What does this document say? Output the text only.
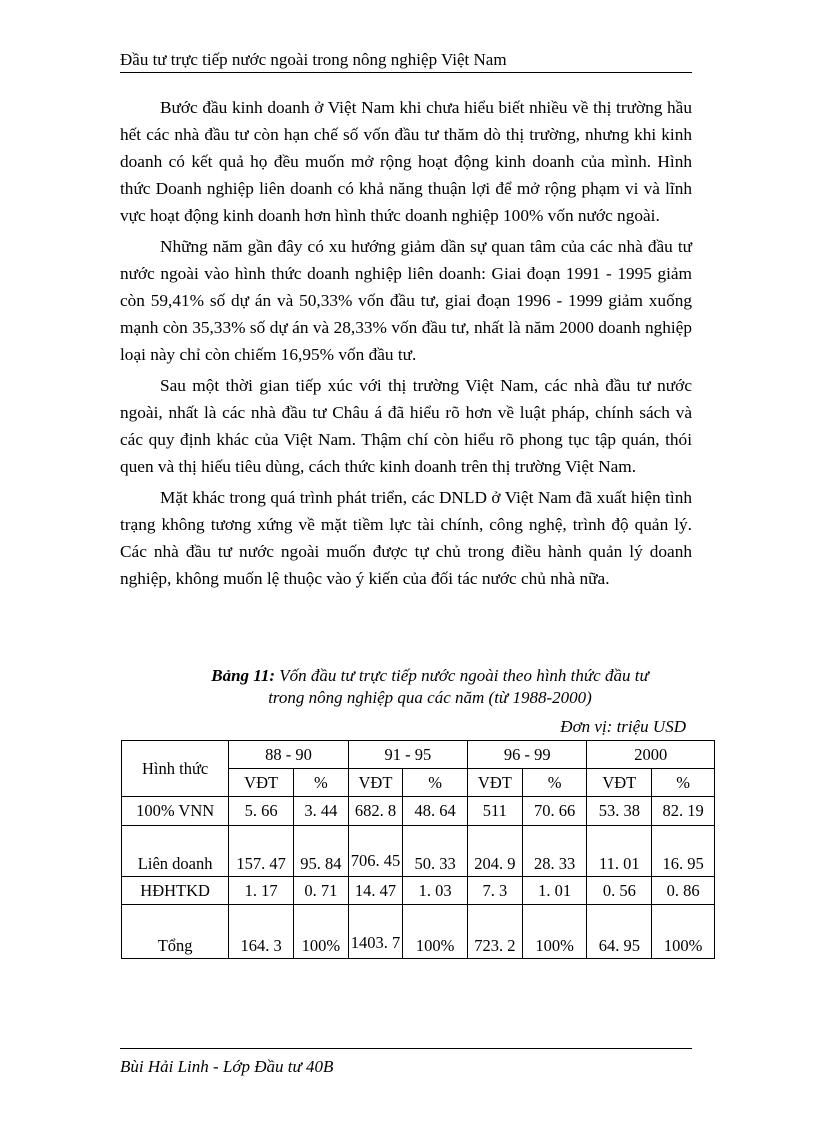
Đầu tư trực tiếp nước ngoài trong nông nghiệp Việt Nam

Bước đầu kinh doanh ở Việt Nam khi chưa hiểu biết nhiều về thị trường hầu hết các nhà đầu tư còn hạn chế số vốn đầu tư thăm dò thị trường, nhưng khi kinh doanh có kết quả họ đều muốn mở rộng hoạt động kinh doanh của mình. Hình thức Doanh nghiệp liên doanh có khả năng thuận lợi để mở rộng phạm vi và lĩnh vực hoạt động kinh doanh hơn hình thức doanh nghiệp 100% vốn nước ngoài.

Những năm gần đây có xu hướng giảm dần sự quan tâm của các nhà đầu tư nước ngoài vào hình thức doanh nghiệp liên doanh: Giai đoạn 1991 - 1995 giảm còn 59,41% số dự án và 50,33% vốn đầu tư, giai đoạn 1996 - 1999 giảm xuống mạnh còn 35,33% số dự án và 28,33% vốn đầu tư, nhất là năm 2000 doanh nghiệp loại này chỉ còn chiếm 16,95% vốn đầu tư.

Sau một thời gian tiếp xúc với thị trường Việt Nam, các nhà đầu tư nước ngoài, nhất là các nhà đầu tư Châu á đã hiểu rõ hơn về luật pháp, chính sách và các quy định khác của Việt Nam. Thậm chí còn hiểu rõ phong tục tập quán, thói quen và thị hiếu tiêu dùng, cách thức kinh doanh trên thị trường Việt Nam.

Mặt khác trong quá trình phát triển, các DNLD ở Việt Nam đã xuất hiện tình trạng không tương xứng về mặt tiềm lực tài chính, công nghệ, trình độ quản lý. Các nhà đầu tư nước ngoài muốn được tự chủ trong điều hành quản lý doanh nghiệp, không muốn lệ thuộc vào ý kiến của đối tác nước chủ nhà nữa.

Bảng 11: Vốn đầu tư trực tiếp nước ngoài theo hình thức đầu tư
trong nông nghiệp qua các năm (từ 1988-2000)
Đơn vị: triệu USD
Hình thức	88 - 90		91 - 95		96 - 99		2000	
	VĐT	%	VĐT	%	VĐT	%	VĐT	%
100% VNN	5. 66	3. 44	682. 8	48. 64	511	70. 66	53. 38	82. 19
Liên doanh	157. 47	95. 84	706. 45	50. 33	204. 9	28. 33	11. 01	16. 95
HĐHTKD	1. 17	0. 71	14. 47	1. 03	7. 3	1. 01	0. 56	0. 86
Tổng	164. 3	100%	1403. 7	100%	723. 2	100%	64. 95	100%
Bùi Hải Linh - Lớp Đầu tư 40B
